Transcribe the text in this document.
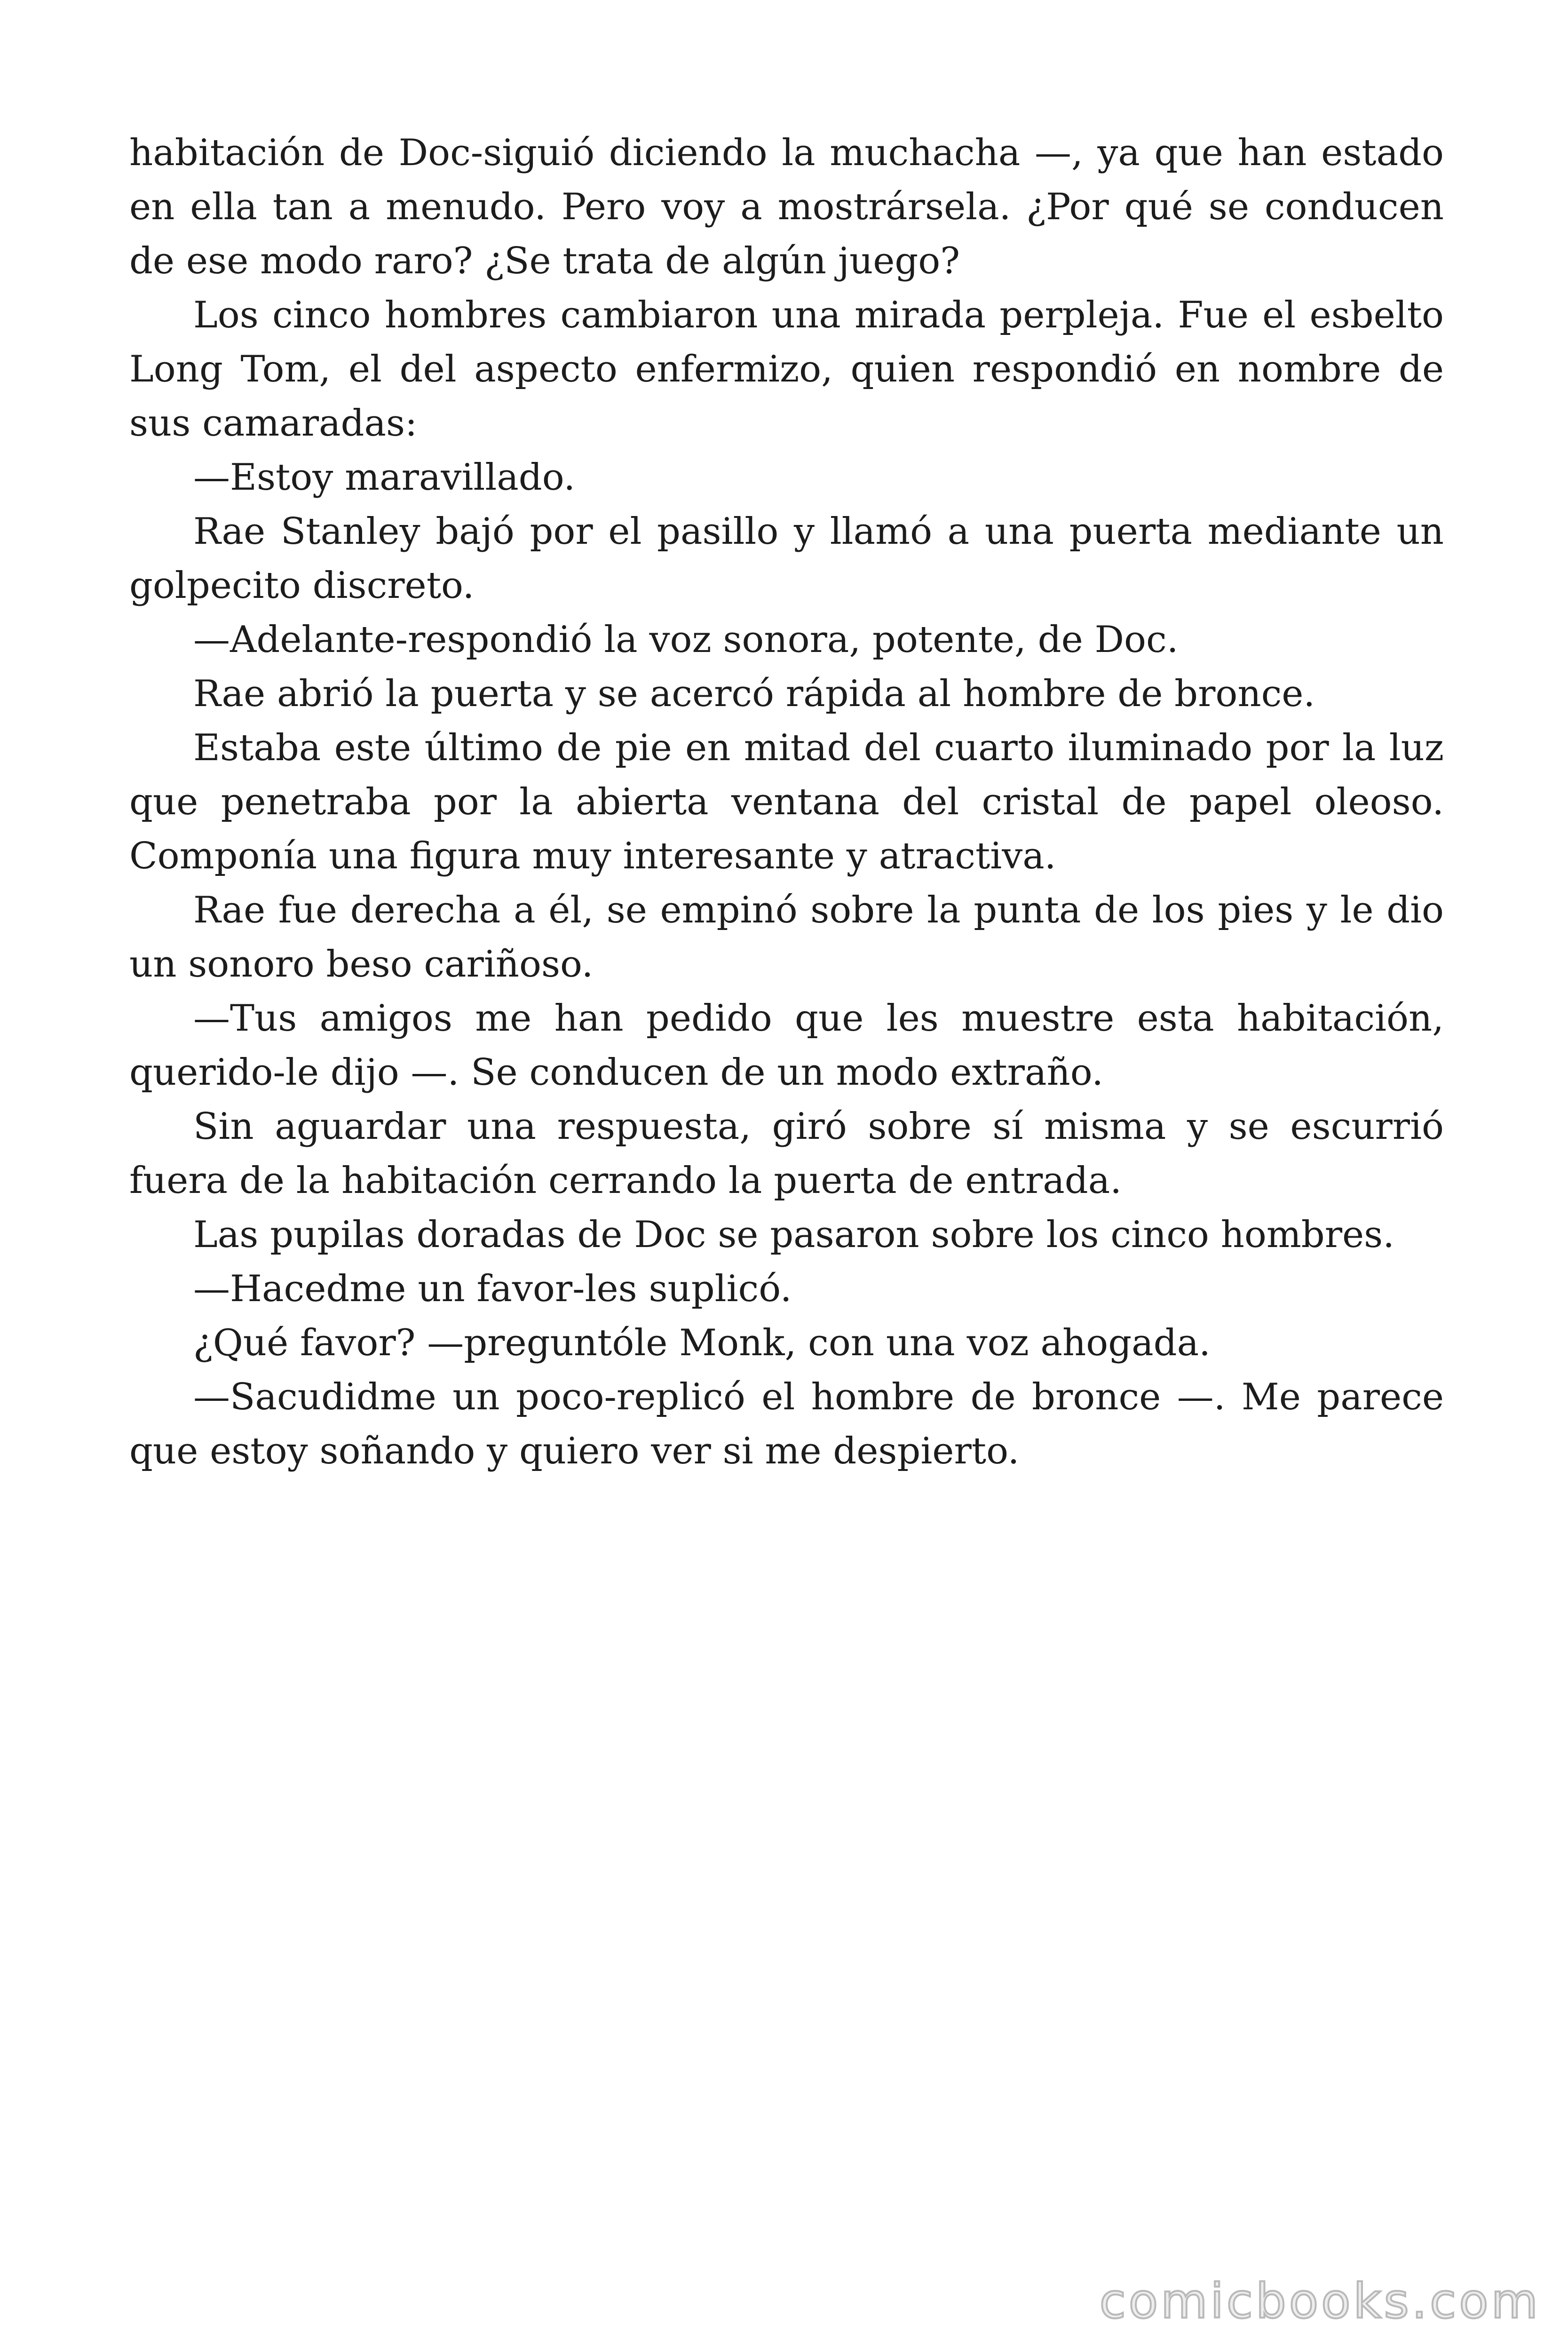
habitación de Doc-siguió diciendo la muchacha —, ya que han estado en ella tan a menudo. Pero voy a mostrársela. ¿Por qué se conducen de ese modo raro? ¿Se trata de algún juego?

Los cinco hombres cambiaron una mirada perpleja. Fue el esbelto Long Tom, el del aspecto enfermizo, quien respondió en nombre de sus camaradas:

—Estoy maravillado.

Rae Stanley bajó por el pasillo y llamó a una puerta mediante un golpecito discreto.

—Adelante-respondió la voz sonora, potente, de Doc.

Rae abrió la puerta y se acercó rápida al hombre de bronce.

Estaba este último de pie en mitad del cuarto iluminado por la luz que penetraba por la abierta ventana del cristal de papel oleoso. Componía una figura muy interesante y atractiva.

Rae fue derecha a él, se empinó sobre la punta de los pies y le dio un sonoro beso cariñoso.

—Tus amigos me han pedido que les muestre esta habitación, querido-le dijo —. Se conducen de un modo extraño.

Sin aguardar una respuesta, giró sobre sí misma y se escurrió fuera de la habitación cerrando la puerta de entrada.

Las pupilas doradas de Doc se pasaron sobre los cinco hombres.

—Hacedme un favor-les suplicó.

¿Qué favor? —preguntóle Monk, con una voz ahogada.

—Sacudidme un poco-replicó el hombre de bronce —. Me parece que estoy soñando y quiero ver si me despierto.

comicbooks.com
